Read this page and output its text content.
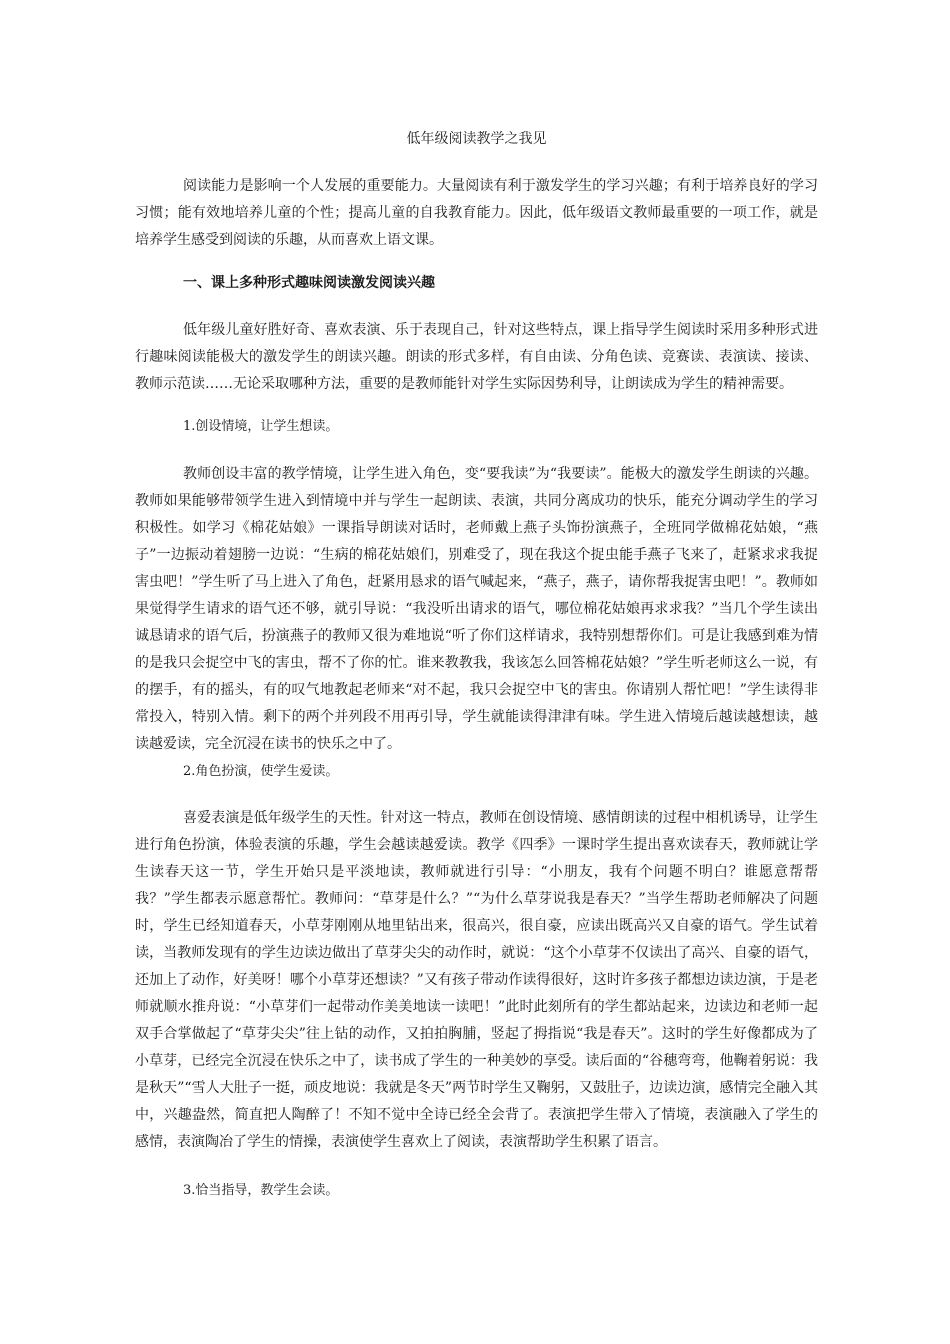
低年级阅读教学之我见

阅读能力是影响一个人发展的重要能力。大量阅读有利于激发学生的学习兴趣；有利于培养良好的学习习惯；能有效地培养儿童的个性；提高儿童的自我教育能力。因此，低年级语文教师最重要的一项工作，就是培养学生感受到阅读的乐趣，从而喜欢上语文课。

一、课上多种形式趣味阅读激发阅读兴趣

低年级儿童好胜好奇、喜欢表演、乐于表现自己，针对这些特点，课上指导学生阅读时采用多种形式进行趣味阅读能极大的激发学生的朗读兴趣。朗读的形式多样，有自由读、分角色读、竞赛读、表演读、接读、教师示范读……无论采取哪种方法，重要的是教师能针对学生实际因势利导，让朗读成为学生的精神需要。

1.创设情境，让学生想读。

教师创设丰富的教学情境，让学生进入角色，变“要我读”为“我要读”。能极大的激发学生朗读的兴趣。教师如果能够带领学生进入到情境中并与学生一起朗读、表演，共同分离成功的快乐，能充分调动学生的学习积极性。如学习《棉花姑娘》一课指导朗读对话时，老师戴上燕子头饰扮演燕子，全班同学做棉花姑娘，“燕子”一边振动着翅膀一边说：“生病的棉花姑娘们，别难受了，现在我这个捉虫能手燕子飞来了，赶紧求求我捉害虫吧！”学生听了马上进入了角色，赶紧用恳求的语气喊起来，“燕子，燕子，请你帮我捉害虫吧！”。教师如果觉得学生请求的语气还不够，就引导说：“我没听出请求的语气，哪位棉花姑娘再求求我？”当几个学生读出诚恳请求的语气后，扮演燕子的教师又很为难地说“听了你们这样请求，我特别想帮你们。可是让我感到难为情的是我只会捉空中飞的害虫，帮不了你的忙。谁来教教我，我该怎么回答棉花姑娘？”学生听老师这么一说，有的摆手，有的摇头，有的叹气地教起老师来“对不起，我只会捉空中飞的害虫。你请别人帮忙吧！”学生读得非常投入，特别入情。剩下的两个并列段不用再引导，学生就能读得津津有味。学生进入情境后越读越想读，越读越爱读，完全沉浸在读书的快乐之中了。

2.角色扮演，使学生爱读。

喜爱表演是低年级学生的天性。针对这一特点，教师在创设情境、感情朗读的过程中相机诱导，让学生进行角色扮演，体验表演的乐趣，学生会越读越爱读。教学《四季》一课时学生提出喜欢读春天，教师就让学生读春天这一节，学生开始只是平淡地读，教师就进行引导：“小朋友，我有个问题不明白？谁愿意帮帮我？”学生都表示愿意帮忙。教师问：“草芽是什么？”“为什么草芽说我是春天？”当学生帮助老师解决了问题时，学生已经知道春天，小草芽刚刚从地里钻出来，很高兴，很自豪，应读出既高兴又自豪的语气。学生试着读，当教师发现有的学生边读边做出了草芽尖尖的动作时，就说：“这个小草芽不仅读出了高兴、自豪的语气，还加上了动作，好美呀！哪个小草芽还想读？”又有孩子带动作读得很好，这时许多孩子都想边读边演，于是老师就顺水推舟说：“小草芽们一起带动作美美地读一读吧！”此时此刻所有的学生都站起来，边读边和老师一起双手合掌做起了“草芽尖尖”往上钻的动作，又拍拍胸脯，竖起了拇指说“我是春天”。这时的学生好像都成为了小草芽，已经完全沉浸在快乐之中了，读书成了学生的一种美妙的享受。读后面的“谷穗弯弯，他鞠着躬说：我是秋天”“雪人大肚子一挺，顽皮地说：我就是冬天”两节时学生又鞠躬，又鼓肚子，边读边演，感情完全融入其中，兴趣盎然，简直把人陶醉了！不知不觉中全诗已经全会背了。表演把学生带入了情境，表演融入了学生的感情，表演陶冶了学生的情操，表演使学生喜欢上了阅读，表演帮助学生积累了语言。

3.恰当指导，教学生会读。
